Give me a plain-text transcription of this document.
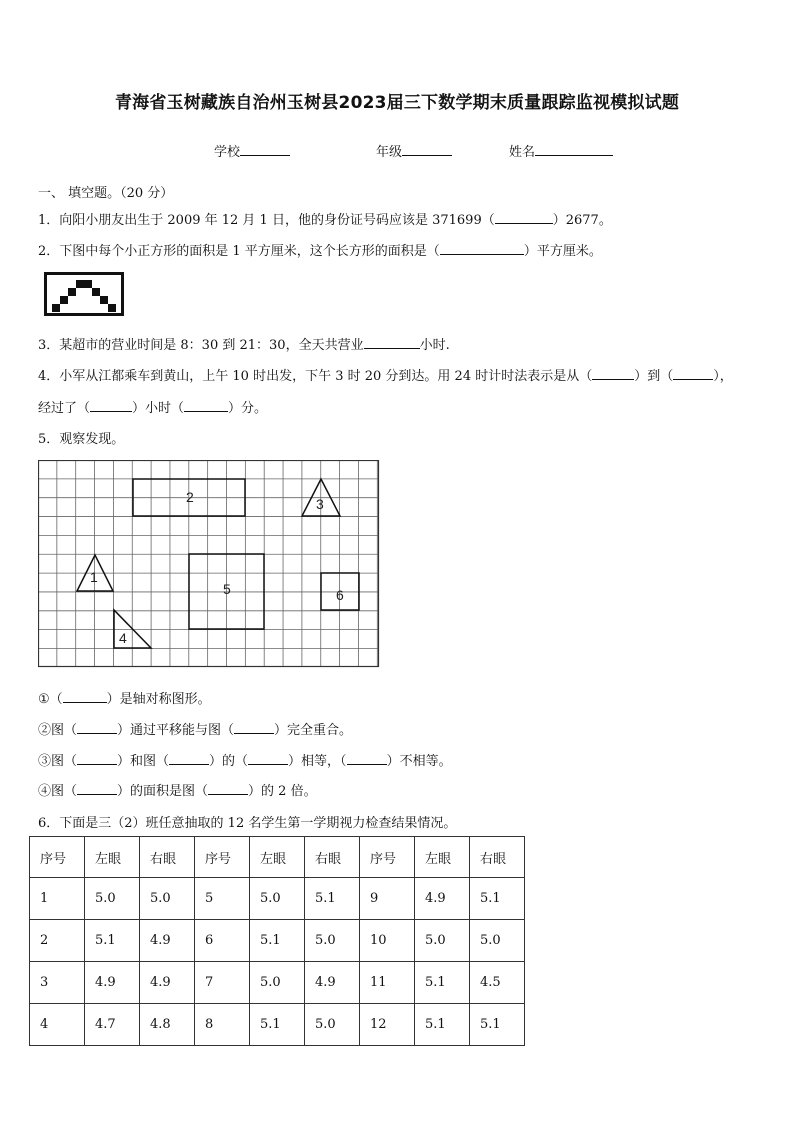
青海省玉树藏族自治州玉树县2023届三下数学期末质量跟踪监视模拟试题
学校	年级	姓名
一、 填空题。（20 分）
1．向阳小朋友出生于 2009 年 12 月 1 日，他的身份证号码应该是 371699（	）2677。
2．下图中每个小正方形的面积是 1 平方厘米，这个长方形的面积是（	）平方厘米。
3．某超市的营业时间是 8：30 到 21：30，全天共营业	小时.
4．小军从江都乘车到黄山，上午 10 时出发，下午 3 时 20 分到达。用 24 时计时法表示是从（	）到（	），
经过了（	）小时（	）分。
5．观察发现。
2	3
1
5	6
4
①（	）是轴对称图形。
②图（	）通过平移能与图（	）完全重合。
③图（	）和图（	）的（	）相等，（	）不相等。
④图（	）的面积是图（	）的 2 倍。
6．下面是三（2）班任意抽取的 12 名学生第一学期视力检查结果情况。
序号	左眼	右眼	序号	左眼	右眼	序号	左眼	右眼
1	5.0	5.0	5	5.0	5.1	9	4.9	5.1
2	5.1	4.9	6	5.1	5.0	10	5.0	5.0
3	4.9	4.9	7	5.0	4.9	11	5.1	4.5
4	4.7	4.8	8	5.1	5.0	12	5.1	5.1
